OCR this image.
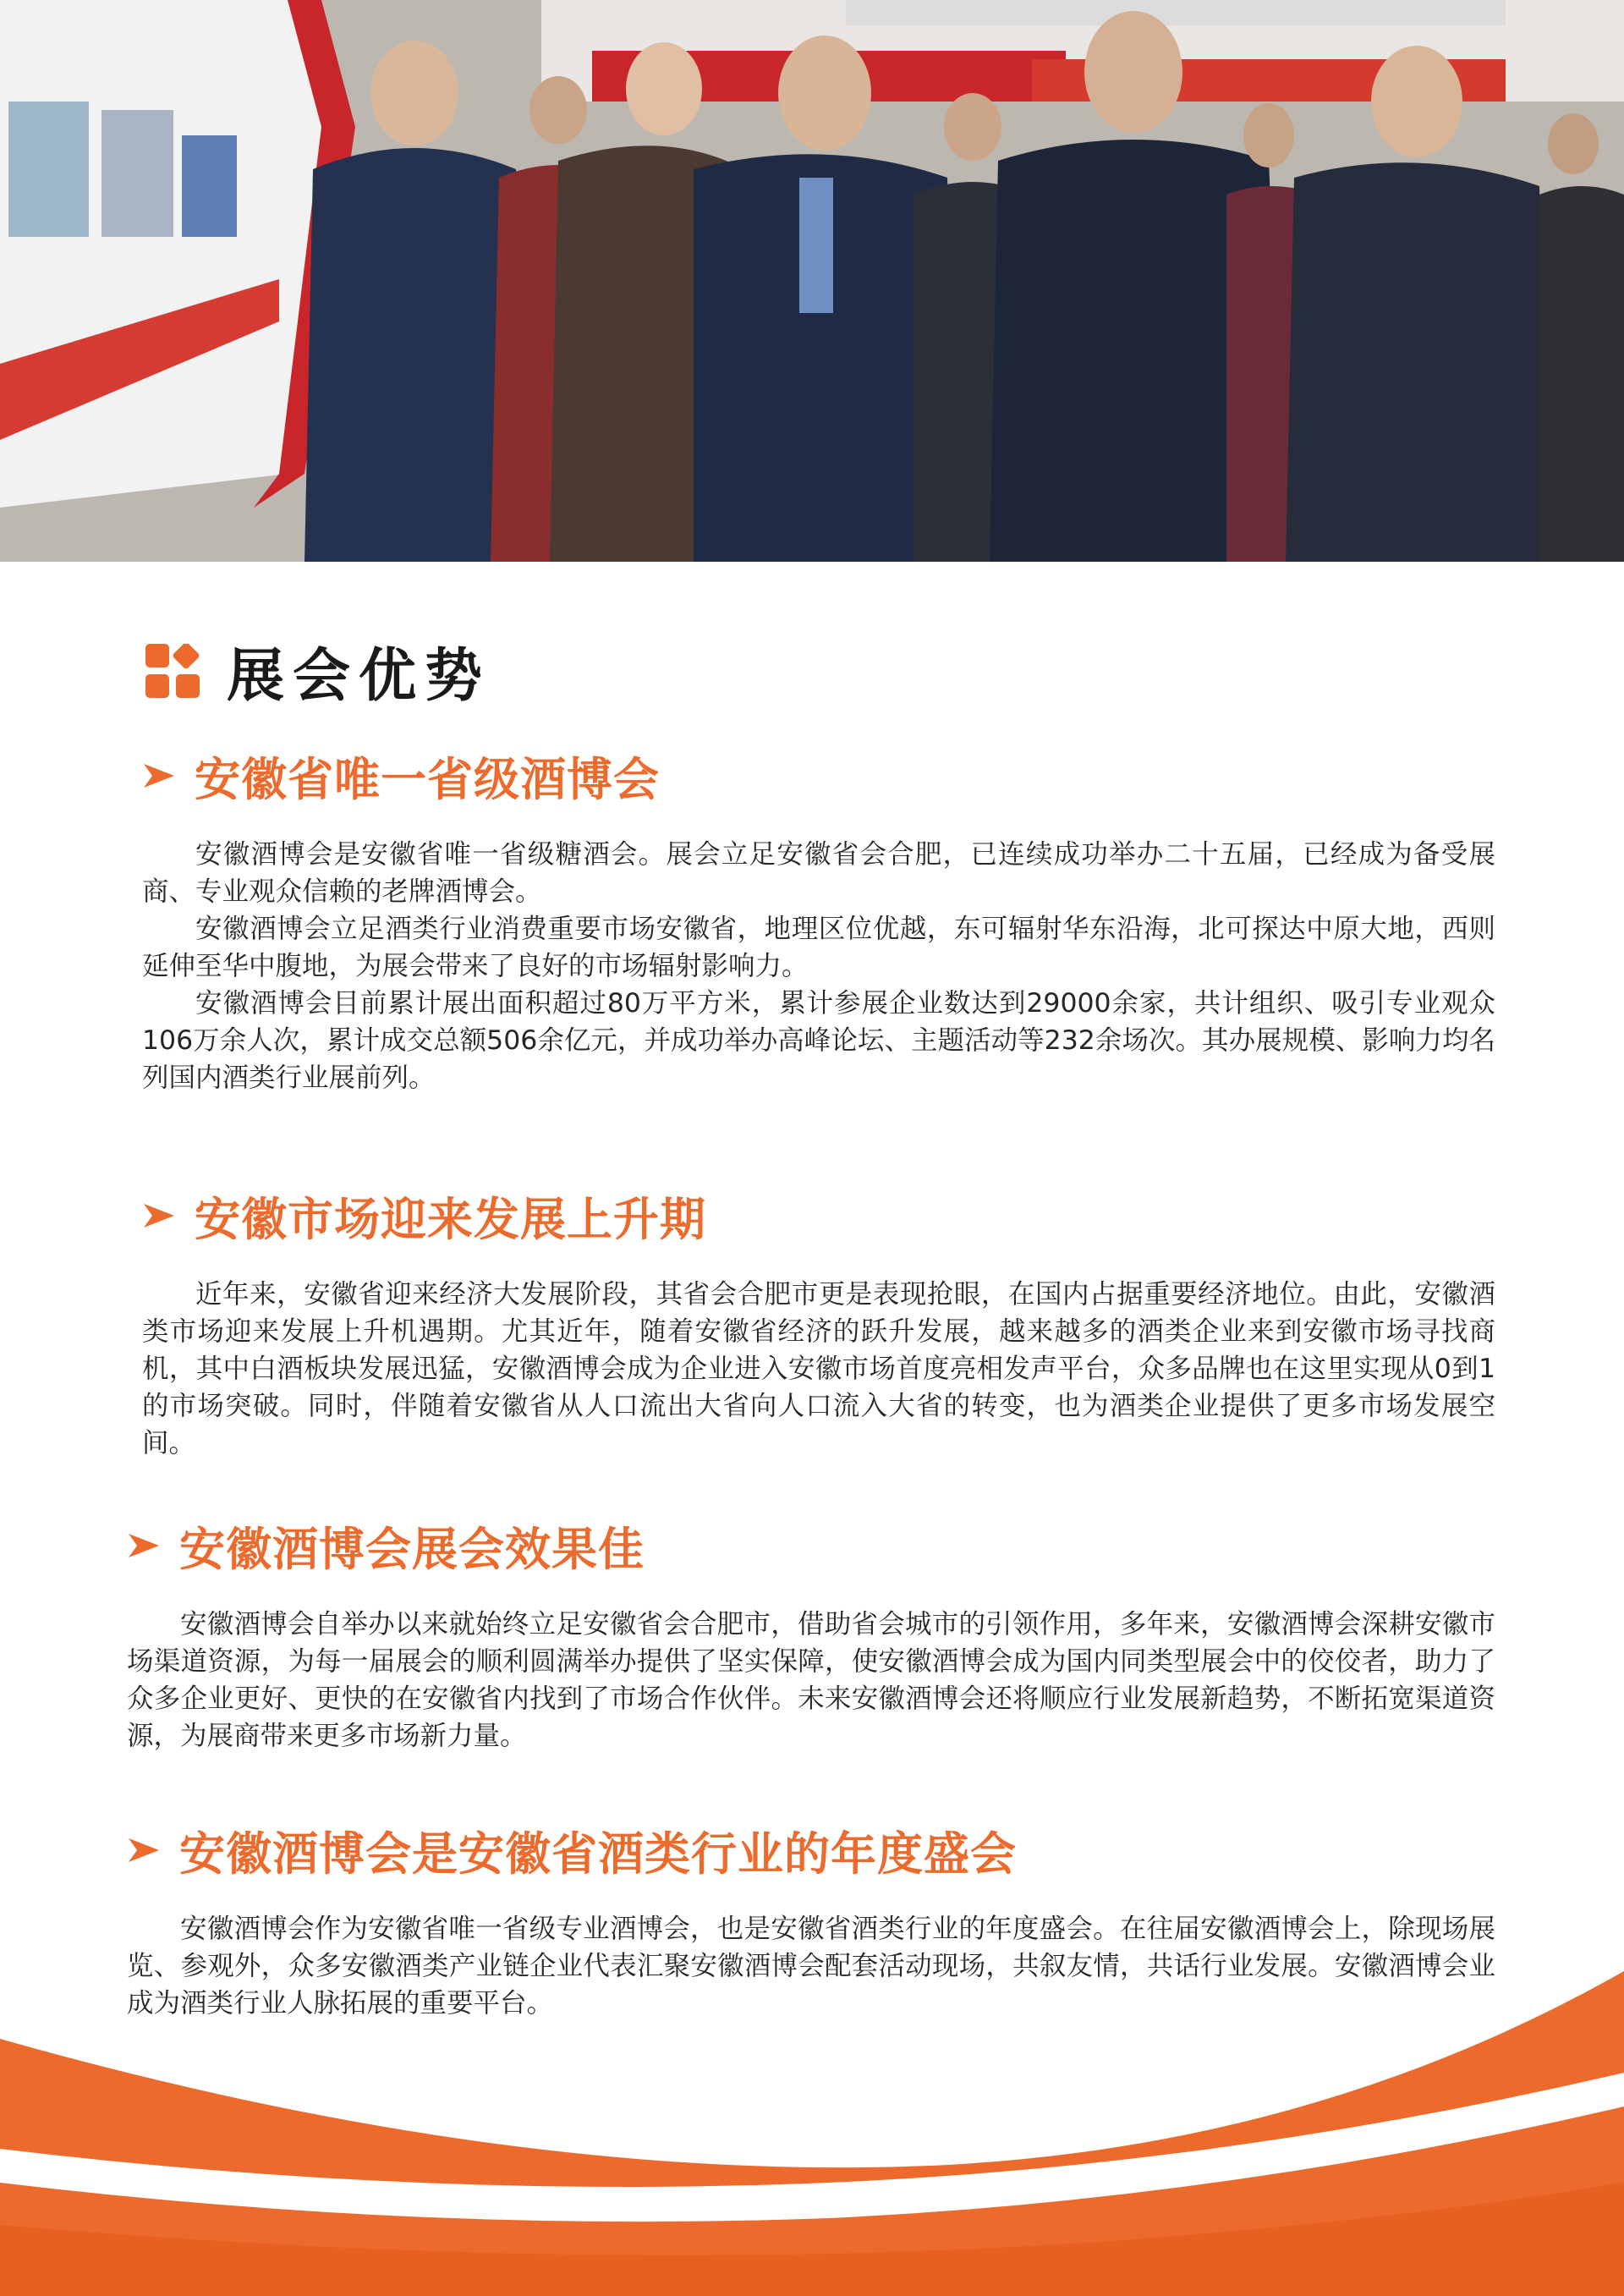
展会优势
安徽省唯一省级酒博会

安徽酒博会是安徽省唯一省级糖酒会。展会立足安徽省会合肥，已连续成功举办二十五届，已经成为备受展商、专业观众信赖的老牌酒博会。

安徽酒博会立足酒类行业消费重要市场安徽省，地理区位优越，东可辐射华东沿海，北可探达中原大地，西则延伸至华中腹地，为展会带来了良好的市场辐射影响力。

安徽酒博会目前累计展出面积超过80万平方米，累计参展企业数达到29000余家，共计组织、吸引专业观众106万余人次，累计成交总额506余亿元，并成功举办高峰论坛、主题活动等232余场次。其办展规模、影响力均名列国内酒类行业展前列。

安徽市场迎来发展上升期

近年来，安徽省迎来经济大发展阶段，其省会合肥市更是表现抢眼，在国内占据重要经济地位。由此，安徽酒类市场迎来发展上升机遇期。尤其近年，随着安徽省经济的跃升发展，越来越多的酒类企业来到安徽市场寻找商机，其中白酒板块发展迅猛，安徽酒博会成为企业进入安徽市场首度亮相发声平台，众多品牌也在这里实现从0到1的市场突破。同时，伴随着安徽省从人口流出大省向人口流入大省的转变，也为酒类企业提供了更多市场发展空间。

安徽酒博会展会效果佳

安徽酒博会自举办以来就始终立足安徽省会合肥市，借助省会城市的引领作用，多年来，安徽酒博会深耕安徽市场渠道资源，为每一届展会的顺利圆满举办提供了坚实保障，使安徽酒博会成为国内同类型展会中的佼佼者，助力了众多企业更好、更快的在安徽省内找到了市场合作伙伴。未来安徽酒博会还将顺应行业发展新趋势，不断拓宽渠道资源，为展商带来更多市场新力量。

安徽酒博会是安徽省酒类行业的年度盛会

安徽酒博会作为安徽省唯一省级专业酒博会，也是安徽省酒类行业的年度盛会。在往届安徽酒博会上，除现场展览、参观外，众多安徽酒类产业链企业代表汇聚安徽酒博会配套活动现场，共叙友情，共话行业发展。安徽酒博会业成为酒类行业人脉拓展的重要平台。
